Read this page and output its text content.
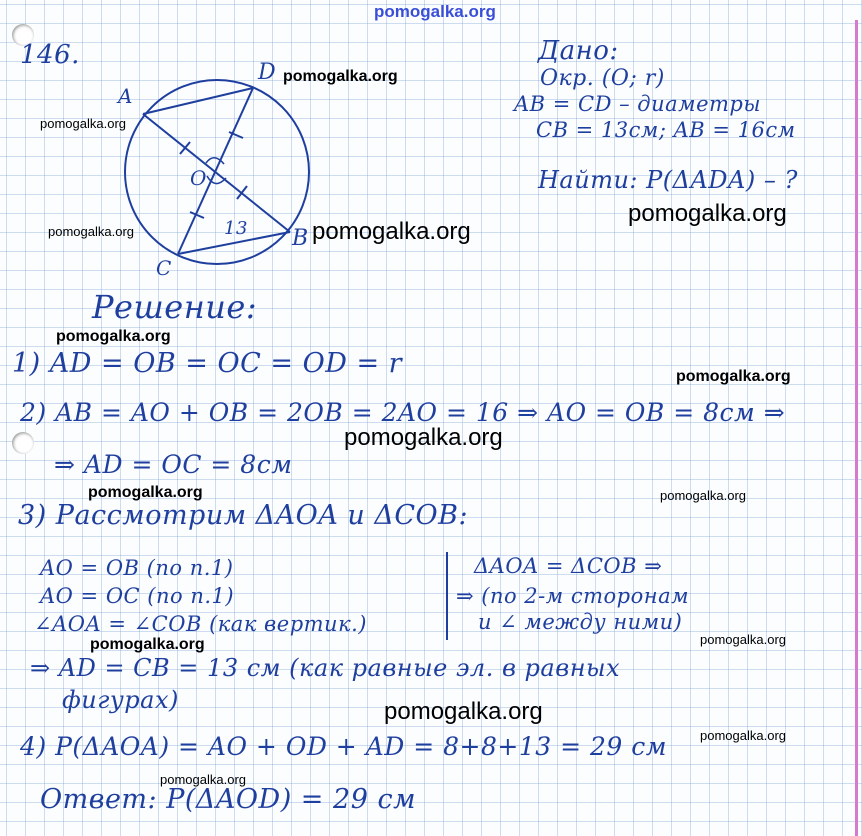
pomogalka.org
146.
A
D
O
13 B
C
Дано:
Окр. (O; r)
AB = CD – диаметры
CB = 13см; AB = 16см
Найти: P(ΔADA) – ?
Решение:
1) AD = OB = OC = OD = r
2) AB = AO + OB = 2OB = 2AO = 16 ⇒ AO = OB = 8см ⇒
⇒ AD = OC = 8см
3) Рассмотрим ΔAOA и ΔCOB:
AO = OB (по п.1)
AO = OC (по п.1)
∠AOA = ∠COB (как вертик.)
ΔAOA = ΔCOB ⇒
⇒ (по 2-м сторонам
и ∠ между ними)
⇒ AD = CB = 13 см (как равные эл. в равных
фигурах)
4) P(ΔAOA) = AO + OD + AD = 8+8+13 = 29 см
Ответ: P(ΔAOD) = 29 см
pomogalka.org
pomogalka.org
pomogalka.org
pomogalka.org	pomogalka.org
pomogalka.org
pomogalka.org
pomogalka.org
pomogalka.org	pomogalka.org
pomogalka.org	pomogalka.org
pomogalka.org
pomogalka.org
pomogalka.org
